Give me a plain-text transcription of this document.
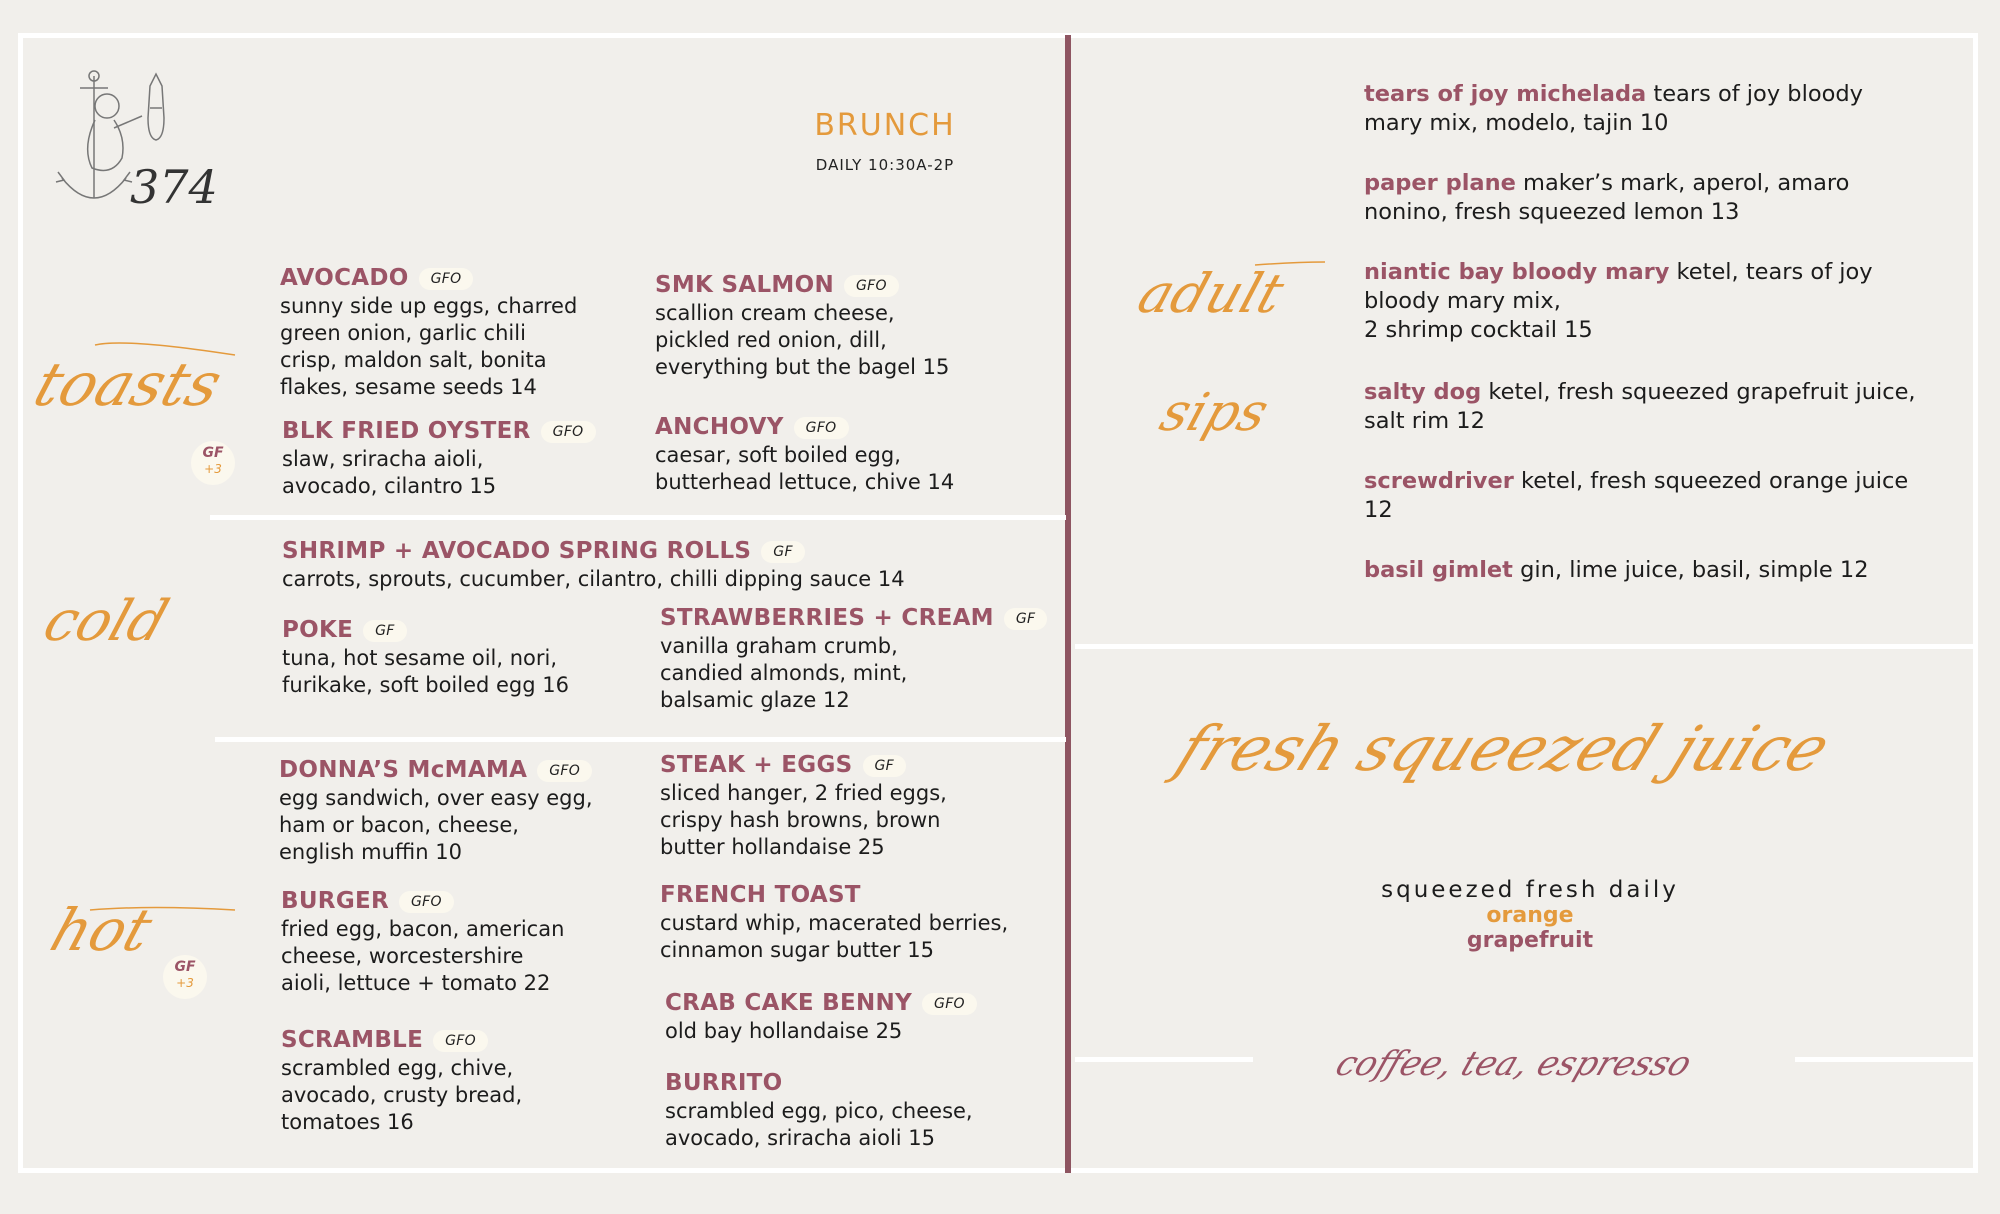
374
BRUNCH
DAILY 10:30A-2P
toasts
GF
+3
cold
hot
GF
+3
AVOCADO GFO
sunny side up eggs, charred
green onion, garlic chili
crisp, maldon salt, bonita
flakes, sesame seeds 14
SMK SALMON GFO
scallion cream cheese,
pickled red onion, dill,
everything but the bagel 15
BLK FRIED OYSTER GFO
slaw, sriracha aioli,
avocado, cilantro 15
ANCHOVY GFO
caesar, soft boiled egg,
butterhead lettuce, chive 14
SHRIMP + AVOCADO SPRING ROLLS GF
carrots, sprouts, cucumber, cilantro, chilli dipping sauce 14
POKE GF
tuna, hot sesame oil, nori,
furikake, soft boiled egg 16
STRAWBERRIES + CREAM GF
vanilla graham crumb,
candied almonds, mint,
balsamic glaze 12
DONNA’S McMAMA GFO
egg sandwich, over easy egg,
ham or bacon, cheese,
english muffin 10
STEAK + EGGS GF
sliced hanger, 2 fried eggs,
crispy hash browns, brown
butter hollandaise 25
BURGER GFO
fried egg, bacon, american
cheese, worcestershire
aioli, lettuce + tomato 22
FRENCH TOAST
custard whip, macerated berries,
cinnamon sugar butter 15
CRAB CAKE BENNY GFO
old bay hollandaise 25
SCRAMBLE GFO
scrambled egg, chive,
avocado, crusty bread,
tomatoes 16
BURRITO
scrambled egg, pico, cheese,
avocado, sriracha aioli 15
adult
sips
tears of joy michelada tears of joy bloody mary mix, modelo, tajin 10
paper plane maker’s mark, aperol, amaro nonino, fresh squeezed lemon 13
niantic bay bloody mary ketel, tears of joy bloody mary mix,
2 shrimp cocktail 15
salty dog ketel, fresh squeezed grapefruit juice, salt rim 12
screwdriver ketel, fresh squeezed orange juice 12
basil gimlet gin, lime juice, basil, simple 12
fresh squeezed juice
squeezed fresh daily
orange
grapefruit
coffee, tea, espresso
